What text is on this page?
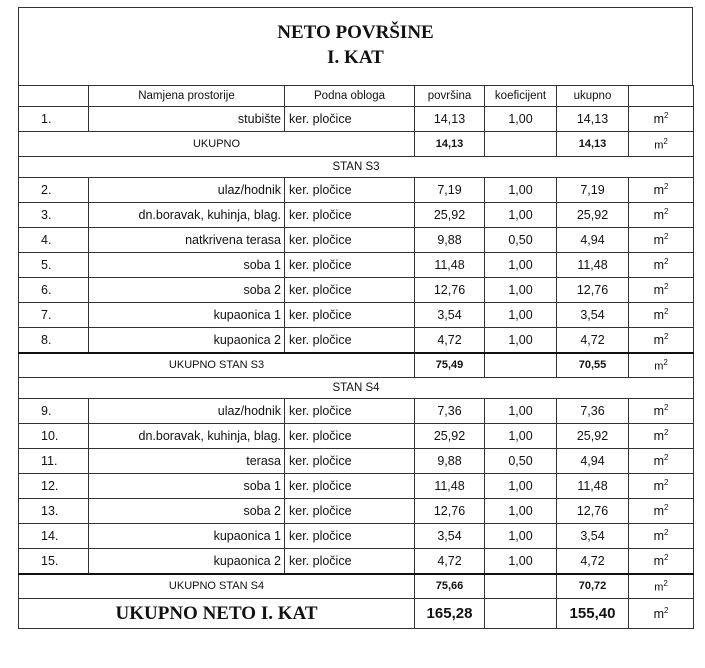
NETO POVRŠINE
I. KAT
	Namjena prostorije	Podna obloga	površina	koeficijent	ukupno	
1.	stubište	ker. pločice	14,13	1,00	14,13	$m^2$
UKUPNO			14,13		14,13	$m^2$
STAN S3						
2.	ulaz/hodnik	ker. pločice	7,19	1,00	7,19	$m^2$
3.	dn.boravak, kuhinja, blag.	ker. pločice	25,92	1,00	25,92	$m^2$
4.	natkrivena terasa	ker. pločice	9,88	0,50	4,94	$m^2$
5.	soba 1	ker. pločice	11,48	1,00	11,48	$m^2$
6.	soba 2	ker. pločice	12,76	1,00	12,76	$m^2$
7.	kupaonica 1	ker. pločice	3,54	1,00	3,54	$m^2$
8.	kupaonica 2	ker. pločice	4,72	1,00	4,72	$m^2$
UKUPNO STAN S3			75,49		70,55	$m^2$
STAN S4						
9.	ulaz/hodnik	ker. pločice	7,36	1,00	7,36	$m^2$
10.	dn.boravak, kuhinja, blag.	ker. pločice	25,92	1,00	25,92	$m^2$
11.	terasa	ker. pločice	9,88	0,50	4,94	$m^2$
12.	soba 1	ker. pločice	11,48	1,00	11,48	$m^2$
13.	soba 2	ker. pločice	12,76	1,00	12,76	$m^2$
14.	kupaonica 1	ker. pločice	3,54	1,00	3,54	$m^2$
15.	kupaonica 2	ker. pločice	4,72	1,00	4,72	$m^2$
UKUPNO STAN S4			75,66		70,72	$m^2$
UKUPNO NETO I. KAT			165,28		155,40	$m^2$
